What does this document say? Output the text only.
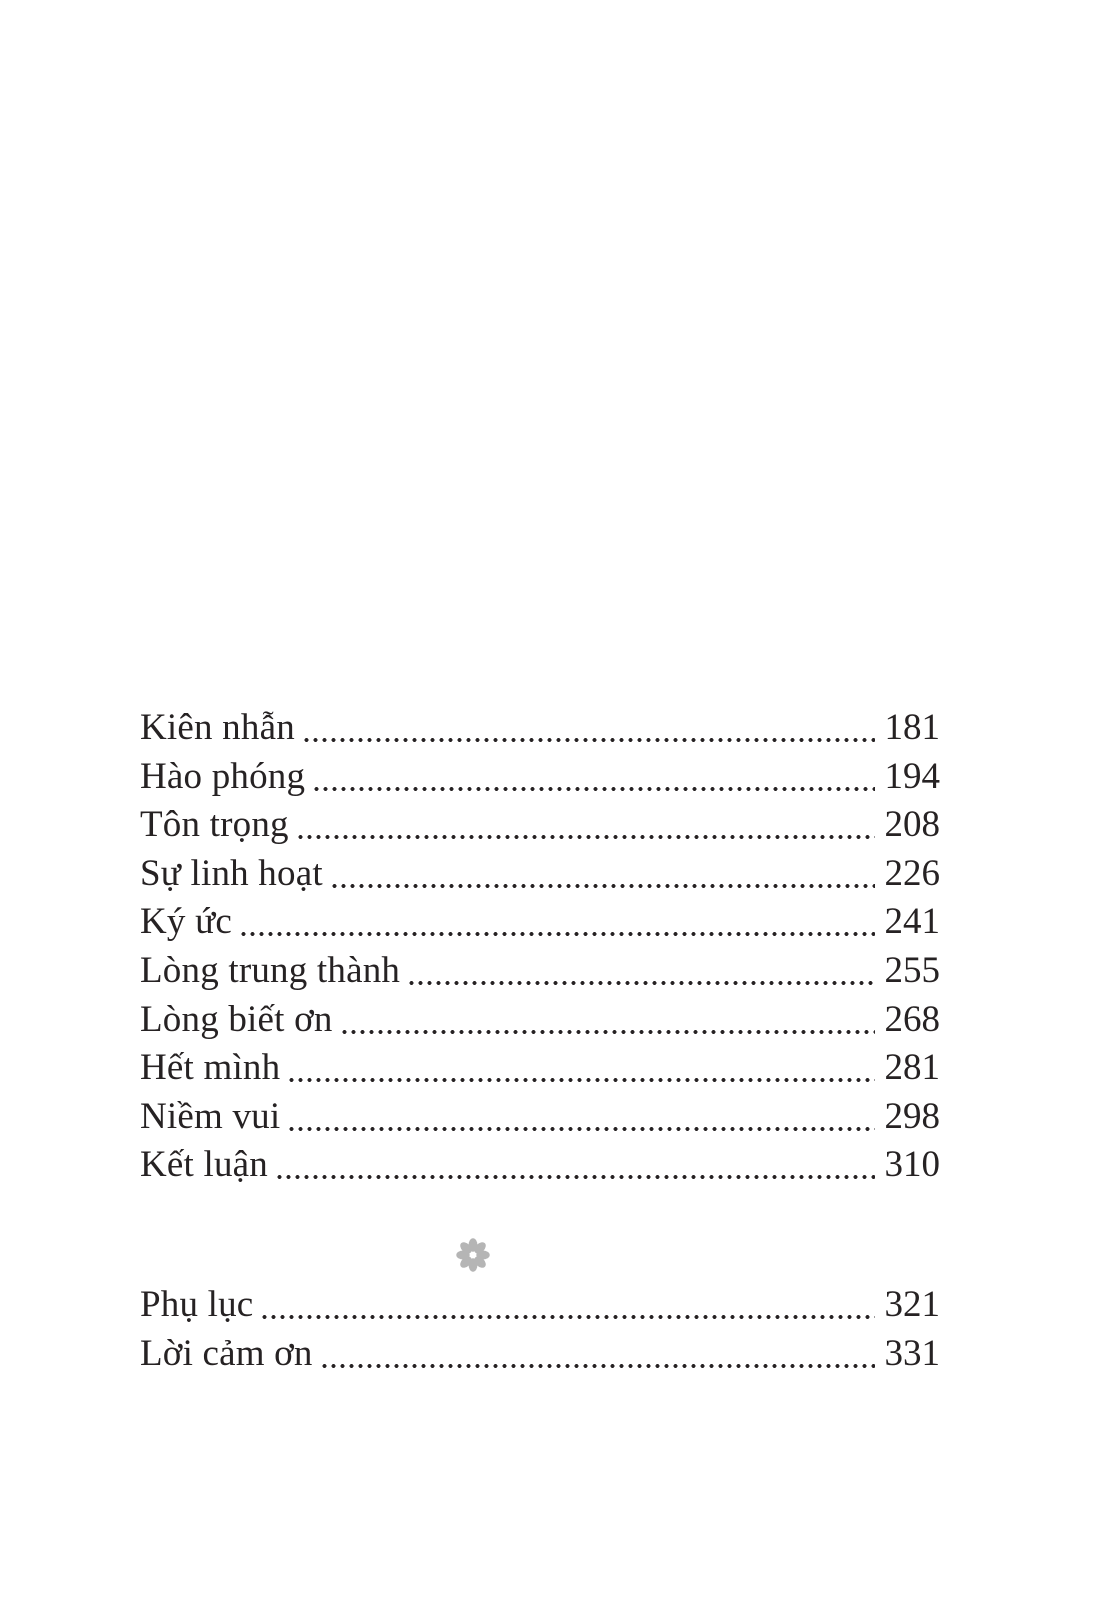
Kiên nhẫn	181
Hào phóng	194
Tôn trọng	208
Sự linh hoạt	226
Ký ức	241
Lòng trung thành	255
Lòng biết ơn	268
Hết mình	281
Niềm vui	298
Kết luận	310
Phụ lục	321
Lời cảm ơn	331
